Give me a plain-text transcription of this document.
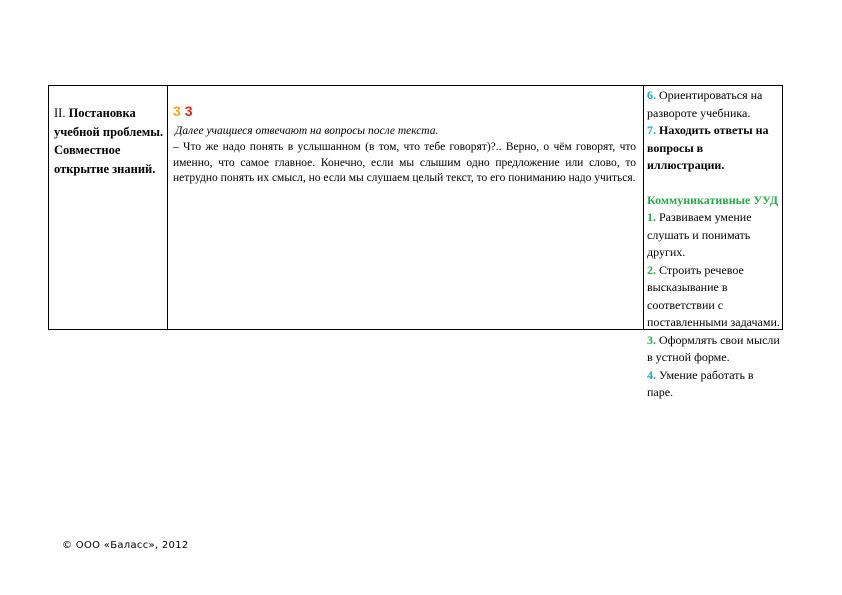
II. Постановка учебной проблемы. Совместное открытие знаний.
3 3
Далее учащиеся отвечают на вопросы после текста.
– Что же надо понять в услышанном (в том, что тебе говорят)?.. Верно, о чём говорят, что именно, что самое главное. Конечно, если мы слышим одно предложение или слово, то нетрудно понять их смысл, но если мы слушаем целый текст, то его пониманию надо учиться.

6. Ориентироваться на развороте учебника.

7. Находить ответы на вопросы в иллюстрации.

Коммуникативные УУД

1. Развиваем умение слушать и понимать других.

2. Строить речевое высказывание в соответствии с поставленными задачами.

3. Оформлять свои мысли в устной форме.

4. Умение работать в паре.

© ООО «Баласс», 2012
